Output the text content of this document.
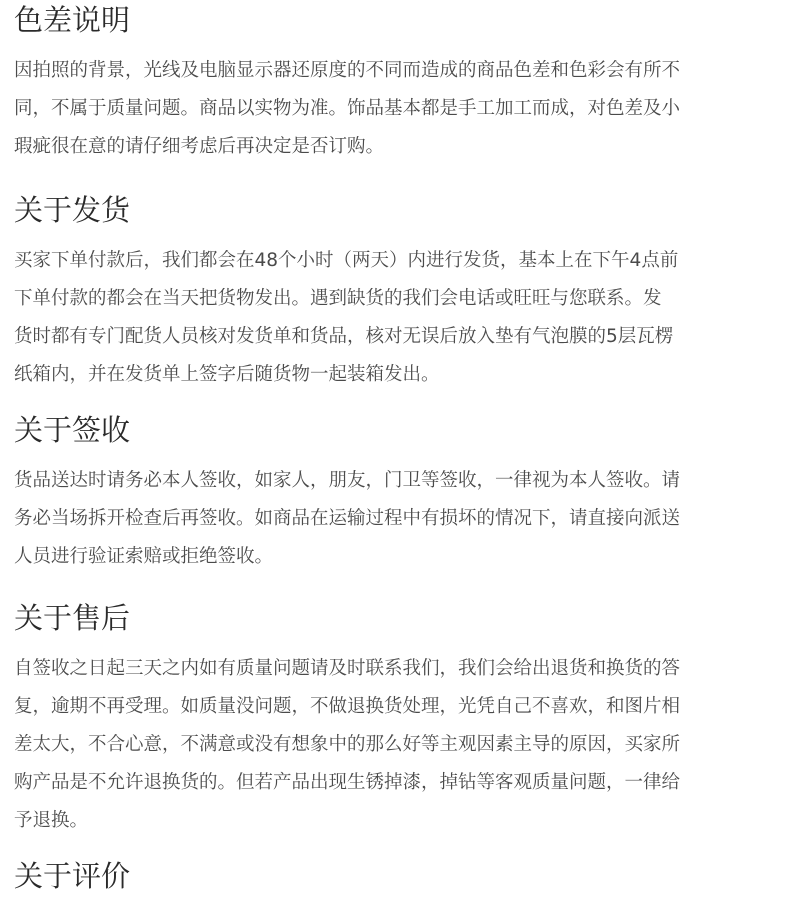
色差说明

因拍照的背景，光线及电脑显示器还原度的不同而造成的商品色差和色彩会有所不
同，不属于质量问题。商品以实物为准。饰品基本都是手工加工而成，对色差及小
瑕疵很在意的请仔细考虑后再决定是否订购。

关于发货

买家下单付款后，我们都会在48个小时（两天）内进行发货，基本上在下午4点前
下单付款的都会在当天把货物发出。遇到缺货的我们会电话或旺旺与您联系。发
货时都有专门配货人员核对发货单和货品，核对无误后放入垫有气泡膜的5层瓦楞
纸箱内，并在发货单上签字后随货物一起装箱发出。

关于签收

货品送达时请务必本人签收，如家人，朋友，门卫等签收，一律视为本人签收。请
务必当场拆开检查后再签收。如商品在运输过程中有损坏的情况下，请直接向派送
人员进行验证索赔或拒绝签收。

关于售后

自签收之日起三天之内如有质量问题请及时联系我们，我们会给出退货和换货的答
复，逾期不再受理。如质量没问题，不做退换货处理，光凭自己不喜欢，和图片相
差太大，不合心意，不满意或没有想象中的那么好等主观因素主导的原因，买家所
购产品是不允许退换货的。但若产品出现生锈掉漆，掉钻等客观质量问题，一律给
予退换。

关于评价
